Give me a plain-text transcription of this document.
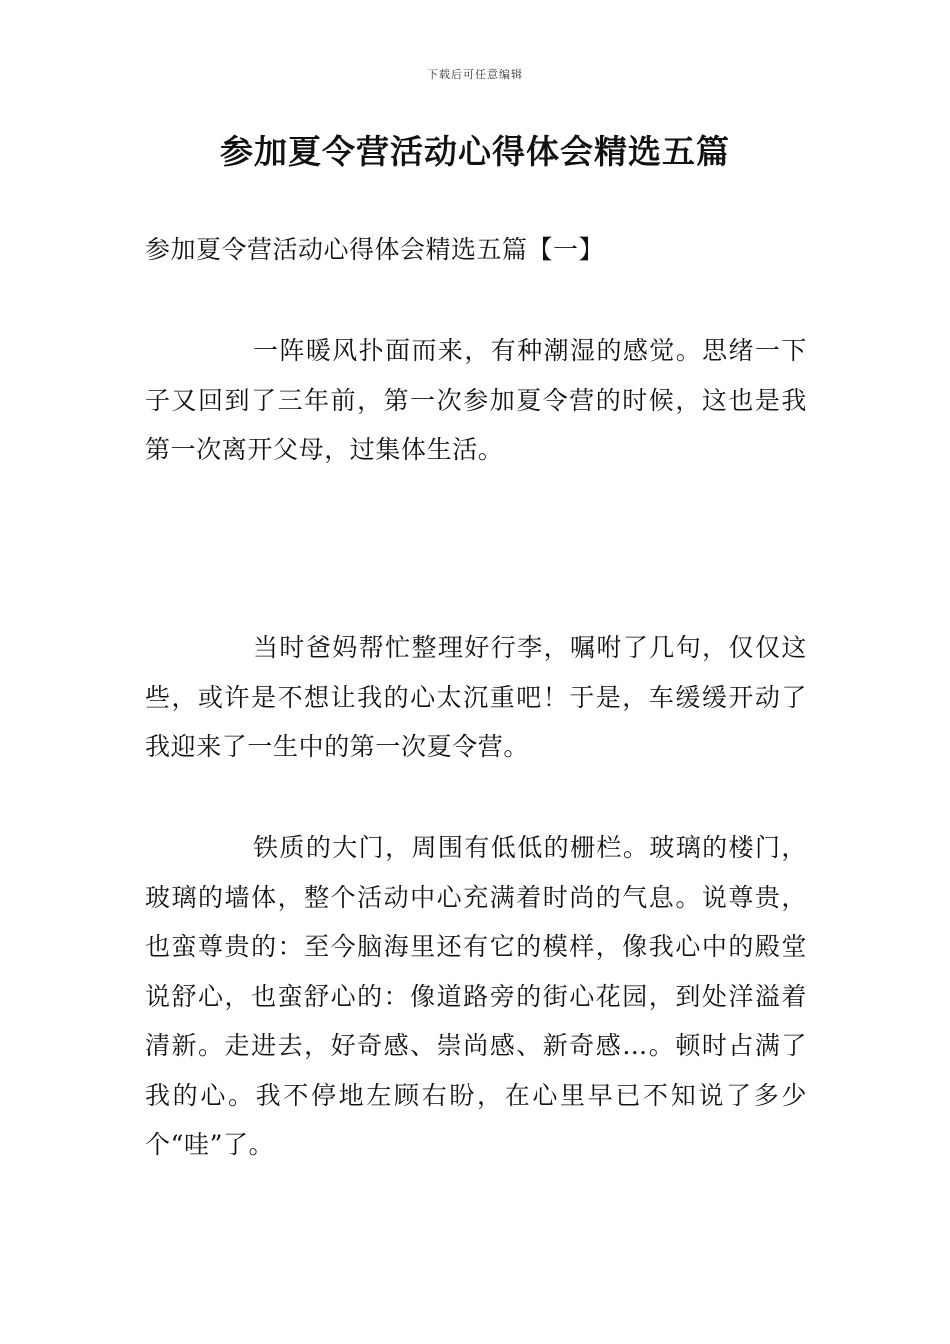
下载后可任意编辑
参加夏令营活动心得体会精选五篇
参加夏令营活动心得体会精选五篇【一】

一阵暖风扑面而来，有种潮湿的感觉。思绪一下子又回到了三年前，第一次参加夏令营的时候，这也是我第一次离开父母，过集体生活。

当时爸妈帮忙整理好行李，嘱咐了几句，仅仅这些，或许是不想让我的心太沉重吧！于是，车缓缓开动了我迎来了一生中的第一次夏令营。

铁质的大门，周围有低低的栅栏。玻璃的楼门，玻璃的墙体，整个活动中心充满着时尚的气息。说尊贵，也蛮尊贵的：至今脑海里还有它的模样，像我心中的殿堂说舒心，也蛮舒心的：像道路旁的街心花园，到处洋溢着清新。走进去，好奇感、崇尚感、新奇感…。顿时占满了我的心。我不停地左顾右盼，在心里早已不知说了多少个“哇”了。
